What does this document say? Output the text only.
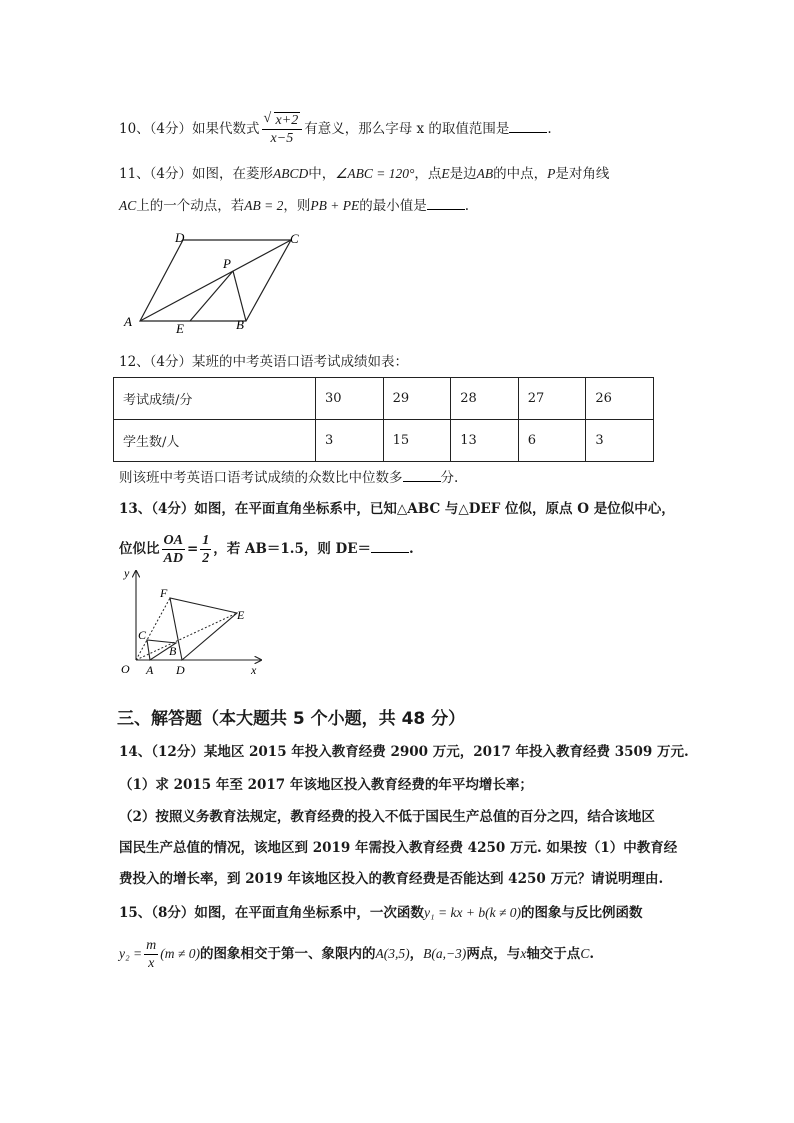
10、（4分）如果代数式 $\frac{√ x+2}{x-5}$ 有意义，那么字母 x 的取值范围是	.
11、（4分）如图，在菱形ABCD中，∠ABC = 120°，点E是边AB的中点，P是对角线
AC上的一个动点，若AB = 2，则PB + PE的最小值是	.
A	B
C
D
E
P
12、（4分）某班的中考英语口语考试成绩如表：
考试成绩/分	30	29	28	27	26
学生数/人	3	15	13	6	3
则该班中考英语口语考试成绩的众数比中位数多	分.
13、（4分）如图，在平面直角坐标系中，已知△ABC 与△DEF 位似，原点 O 是位似中心，
位似比 $\frac{OA}{AD} = \frac{1}{2}$ ，若 AB＝1.5，则 DE＝	.
y
x
O A
B
C
D
E
F
三、解答题（本大题共 5 个小题，共 48 分）
14、（12分）某地区 2015 年投入教育经费 2900 万元，2017 年投入教育经费 3509 万元.
（1）求 2015 年至 2017 年该地区投入教育经费的年平均增长率；
（2）按照义务教育法规定，教育经费的投入不低于国民生产总值的百分之四，结合该地区
国民生产总值的情况，该地区到 2019 年需投入教育经费 4250 万元. 如果按（1）中教育经
费投入的增长率，到 2019 年该地区投入的教育经费是否能达到 4250 万元？请说明理由.
15、（8分）如图，在平面直角坐标系中，一次函数y₁ = kx + b(k ≠ 0)的图象与反比例函数
$y_2 = \frac{m}{x} (m \ne 0)$的图象相交于第一、象限内的A(3,5)，B(a,−3)两点，与x轴交于点C.
